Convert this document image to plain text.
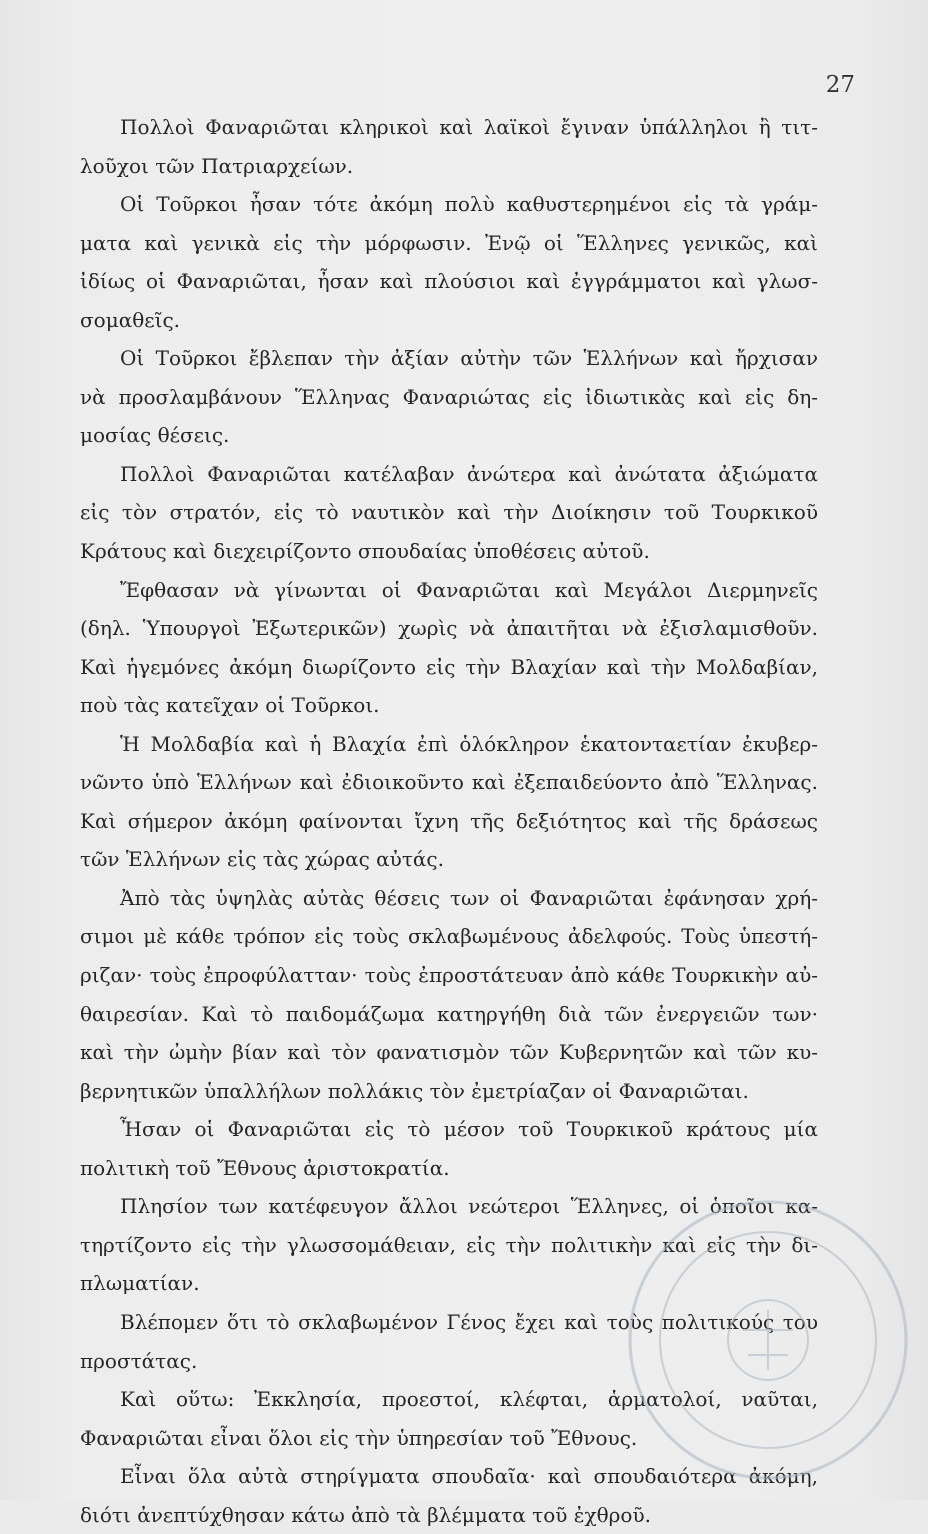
27
Πολλοὶ Φαναριῶται κληρικοὶ καὶ λαϊκοὶ ἔγιναν ὑπάλληλοι ἢ τιτ-
λοῦχοι τῶν Πατριαρχείων.
Οἱ Τοῦρκοι ἦσαν τότε ἀκόμη πολὺ καθυστερημένοι εἰς τὰ γράμ-
ματα καὶ γενικὰ εἰς τὴν μόρφωσιν. Ἐνῷ οἱ Ἕλληνες γενικῶς, καὶ
ἰδίως οἱ Φαναριῶται, ἦσαν καὶ πλούσιοι καὶ ἐγγράμματοι καὶ γλωσ-
σομαθεῖς.
Οἱ Τοῦρκοι ἔβλεπαν τὴν ἀξίαν αὐτὴν τῶν Ἑλλήνων καὶ ἤρχισαν
νὰ προσλαμβάνουν Ἕλληνας Φαναριώτας εἰς ἰδιωτικὰς καὶ εἰς δη-
μοσίας θέσεις.
Πολλοὶ Φαναριῶται κατέλαβαν ἀνώτερα καὶ ἀνώτατα ἀξιώματα
εἰς τὸν στρατόν, εἰς τὸ ναυτικὸν καὶ τὴν Διοίκησιν τοῦ Τουρκικοῦ
Κράτους καὶ διεχειρίζοντο σπουδαίας ὑποθέσεις αὐτοῦ.
Ἔφθασαν νὰ γίνωνται οἱ Φαναριῶται καὶ Μεγάλοι Διερμηνεῖς
(δηλ. Ὑπουργοὶ Ἐξωτερικῶν) χωρὶς νὰ ἀπαιτῆται νὰ ἐξισλαμισθοῦν.
Καὶ ἡγεμόνες ἀκόμη διωρίζοντο εἰς τὴν Βλαχίαν καὶ τὴν Μολδαβίαν,
ποὺ τὰς κατεῖχαν οἱ Τοῦρκοι.
Ἡ Μολδαβία καὶ ἡ Βλαχία ἐπὶ ὁλόκληρον ἑκατονταετίαν ἐκυβερ-
νῶντο ὑπὸ Ἑλλήνων καὶ ἐδιοικοῦντο καὶ ἐξεπαιδεύοντο ἀπὸ Ἕλληνας.
Καὶ σήμερον ἀκόμη φαίνονται ἴχνη τῆς δεξιότητος καὶ τῆς δράσεως
τῶν Ἑλλήνων εἰς τὰς χώρας αὐτάς.
Ἀπὸ τὰς ὑψηλὰς αὐτὰς θέσεις των οἱ Φαναριῶται ἐφάνησαν χρή-
σιμοι μὲ κάθε τρόπον εἰς τοὺς σκλαβωμένους ἀδελφούς. Τοὺς ὑπεστή-
ριζαν· τοὺς ἐπροφύλατταν· τοὺς ἐπροστάτευαν ἀπὸ κάθε Τουρκικὴν αὐ-
θαιρεσίαν. Καὶ τὸ παιδομάζωμα κατηργήθη διὰ τῶν ἐνεργειῶν των·
καὶ τὴν ὠμὴν βίαν καὶ τὸν φανατισμὸν τῶν Κυβερνητῶν καὶ τῶν κυ-
βερνητικῶν ὑπαλλήλων πολλάκις τὸν ἐμετρίαζαν οἱ Φαναριῶται.
Ἦσαν οἱ Φαναριῶται εἰς τὸ μέσον τοῦ Τουρκικοῦ κράτους μία
πολιτικὴ τοῦ Ἔθνους ἀριστοκρατία.
Πλησίον των κατέφευγον ἄλλοι νεώτεροι Ἕλληνες, οἱ ὁποῖοι κα-
τηρτίζοντο εἰς τὴν γλωσσομάθειαν, εἰς τὴν πολιτικὴν καὶ εἰς τὴν δι-
πλωματίαν.
Βλέπομεν ὅτι τὸ σκλαβωμένον Γένος ἔχει καὶ τοὺς πολιτικούς του
προστάτας.
Καὶ οὕτω: Ἐκκλησία, προεστοί, κλέφται, ἁρματολοί, ναῦται,
Φαναριῶται εἶναι ὅλοι εἰς τὴν ὑπηρεσίαν τοῦ Ἔθνους.
Εἶναι ὅλα αὐτὰ στηρίγματα σπουδαῖα· καὶ σπουδαιότερα ἀκόμη,
διότι ἀνεπτύχθησαν κάτω ἀπὸ τὰ βλέμματα τοῦ ἐχθροῦ.
